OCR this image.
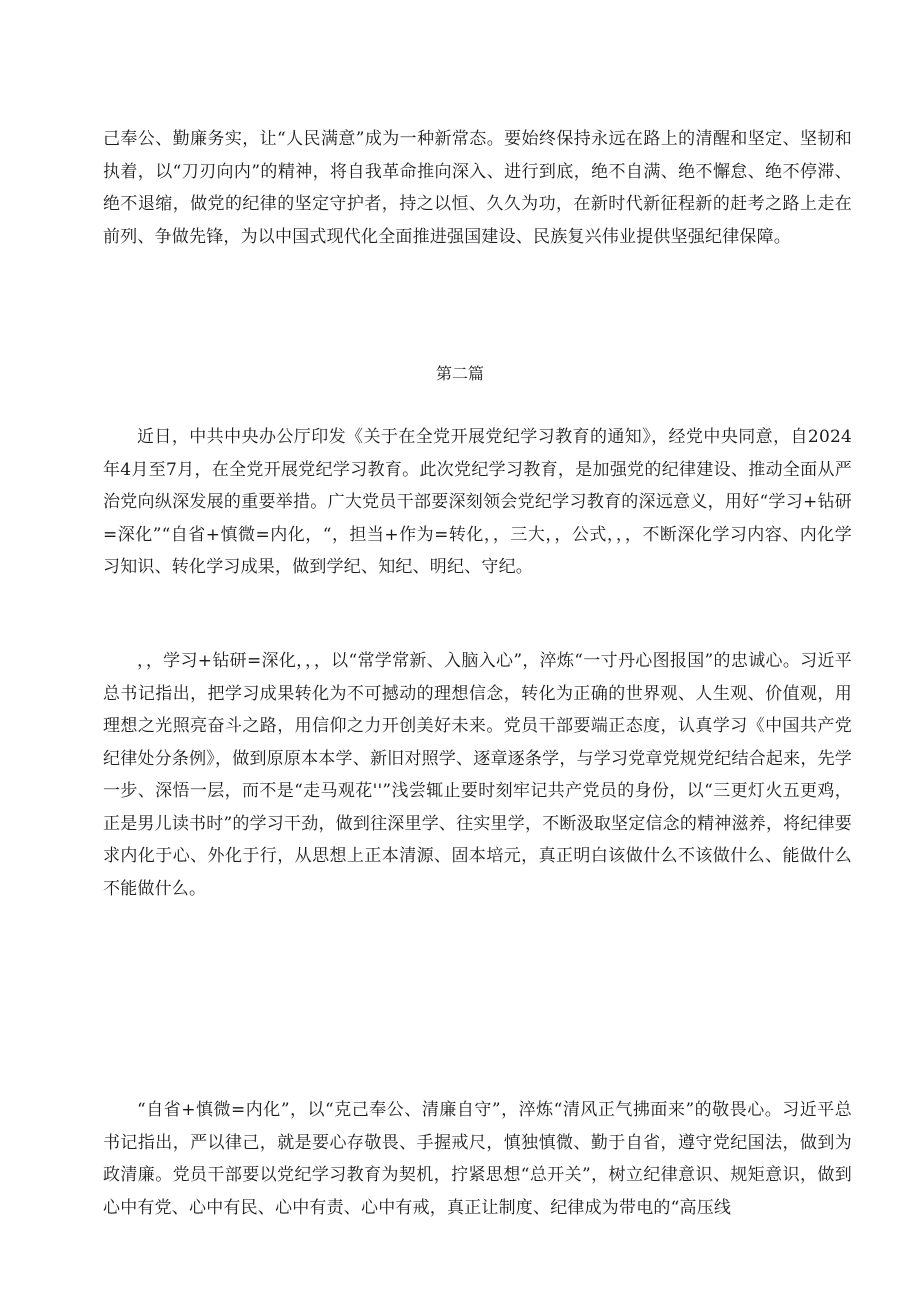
己奉公、勤廉务实，让“人民满意”成为一种新常态。要始终保持永远在路上的清醒和坚定、坚韧和执着，以“刀刃向内”的精神，将自我革命推向深入、进行到底，绝不自满、绝不懈怠、绝不停滞、绝不退缩，做党的纪律的坚定守护者，持之以恒、久久为功，在新时代新征程新的赶考之路上走在前列、争做先锋，为以中国式现代化全面推进强国建设、民族复兴伟业提供坚强纪律保障。

第二篇

近日，中共中央办公厅印发《关于在全党开展党纪学习教育的通知》，经党中央同意，自2024年4月至7月，在全党开展党纪学习教育。此次党纪学习教育，是加强党的纪律建设、推动全面从严治党向纵深发展的重要举措。广大党员干部要深刻领会党纪学习教育的深远意义，用好“学习+钻研=深化”“自省+慎微=内化，“，担当+作为=转化，，三大，，公式，，，不断深化学习内容、内化学习知识、转化学习成果，做到学纪、知纪、明纪、守纪。

，，学习+钻研=深化，，，以“常学常新、入脑入心”，淬炼“一寸丹心图报国”的忠诚心。习近平总书记指出，把学习成果转化为不可撼动的理想信念，转化为正确的世界观、人生观、价值观，用理想之光照亮奋斗之路，用信仰之力开创美好未来。党员干部要端正态度，认真学习《中国共产党纪律处分条例》，做到原原本本学、新旧对照学、逐章逐条学，与学习党章党规党纪结合起来，先学一步、深悟一层，而不是“走马观花''”浅尝辄止要时刻牢记共产党员的身份，以“三更灯火五更鸡，正是男儿读书时”的学习干劲，做到往深里学、往实里学，不断汲取坚定信念的精神滋养，将纪律要求内化于心、外化于行，从思想上正本清源、固本培元，真正明白该做什么不该做什么、能做什么不能做什么。

“自省+慎微=内化”，以“克己奉公、清廉自守”，淬炼“清风正气拂面来”的敬畏心。习近平总书记指出，严以律己，就是要心存敬畏、手握戒尺，慎独慎微、勤于自省，遵守党纪国法，做到为政清廉。党员干部要以党纪学习教育为契机，拧紧思想“总开关”，树立纪律意识、规矩意识，做到心中有党、心中有民、心中有责、心中有戒，真正让制度、纪律成为带电的“高压线
